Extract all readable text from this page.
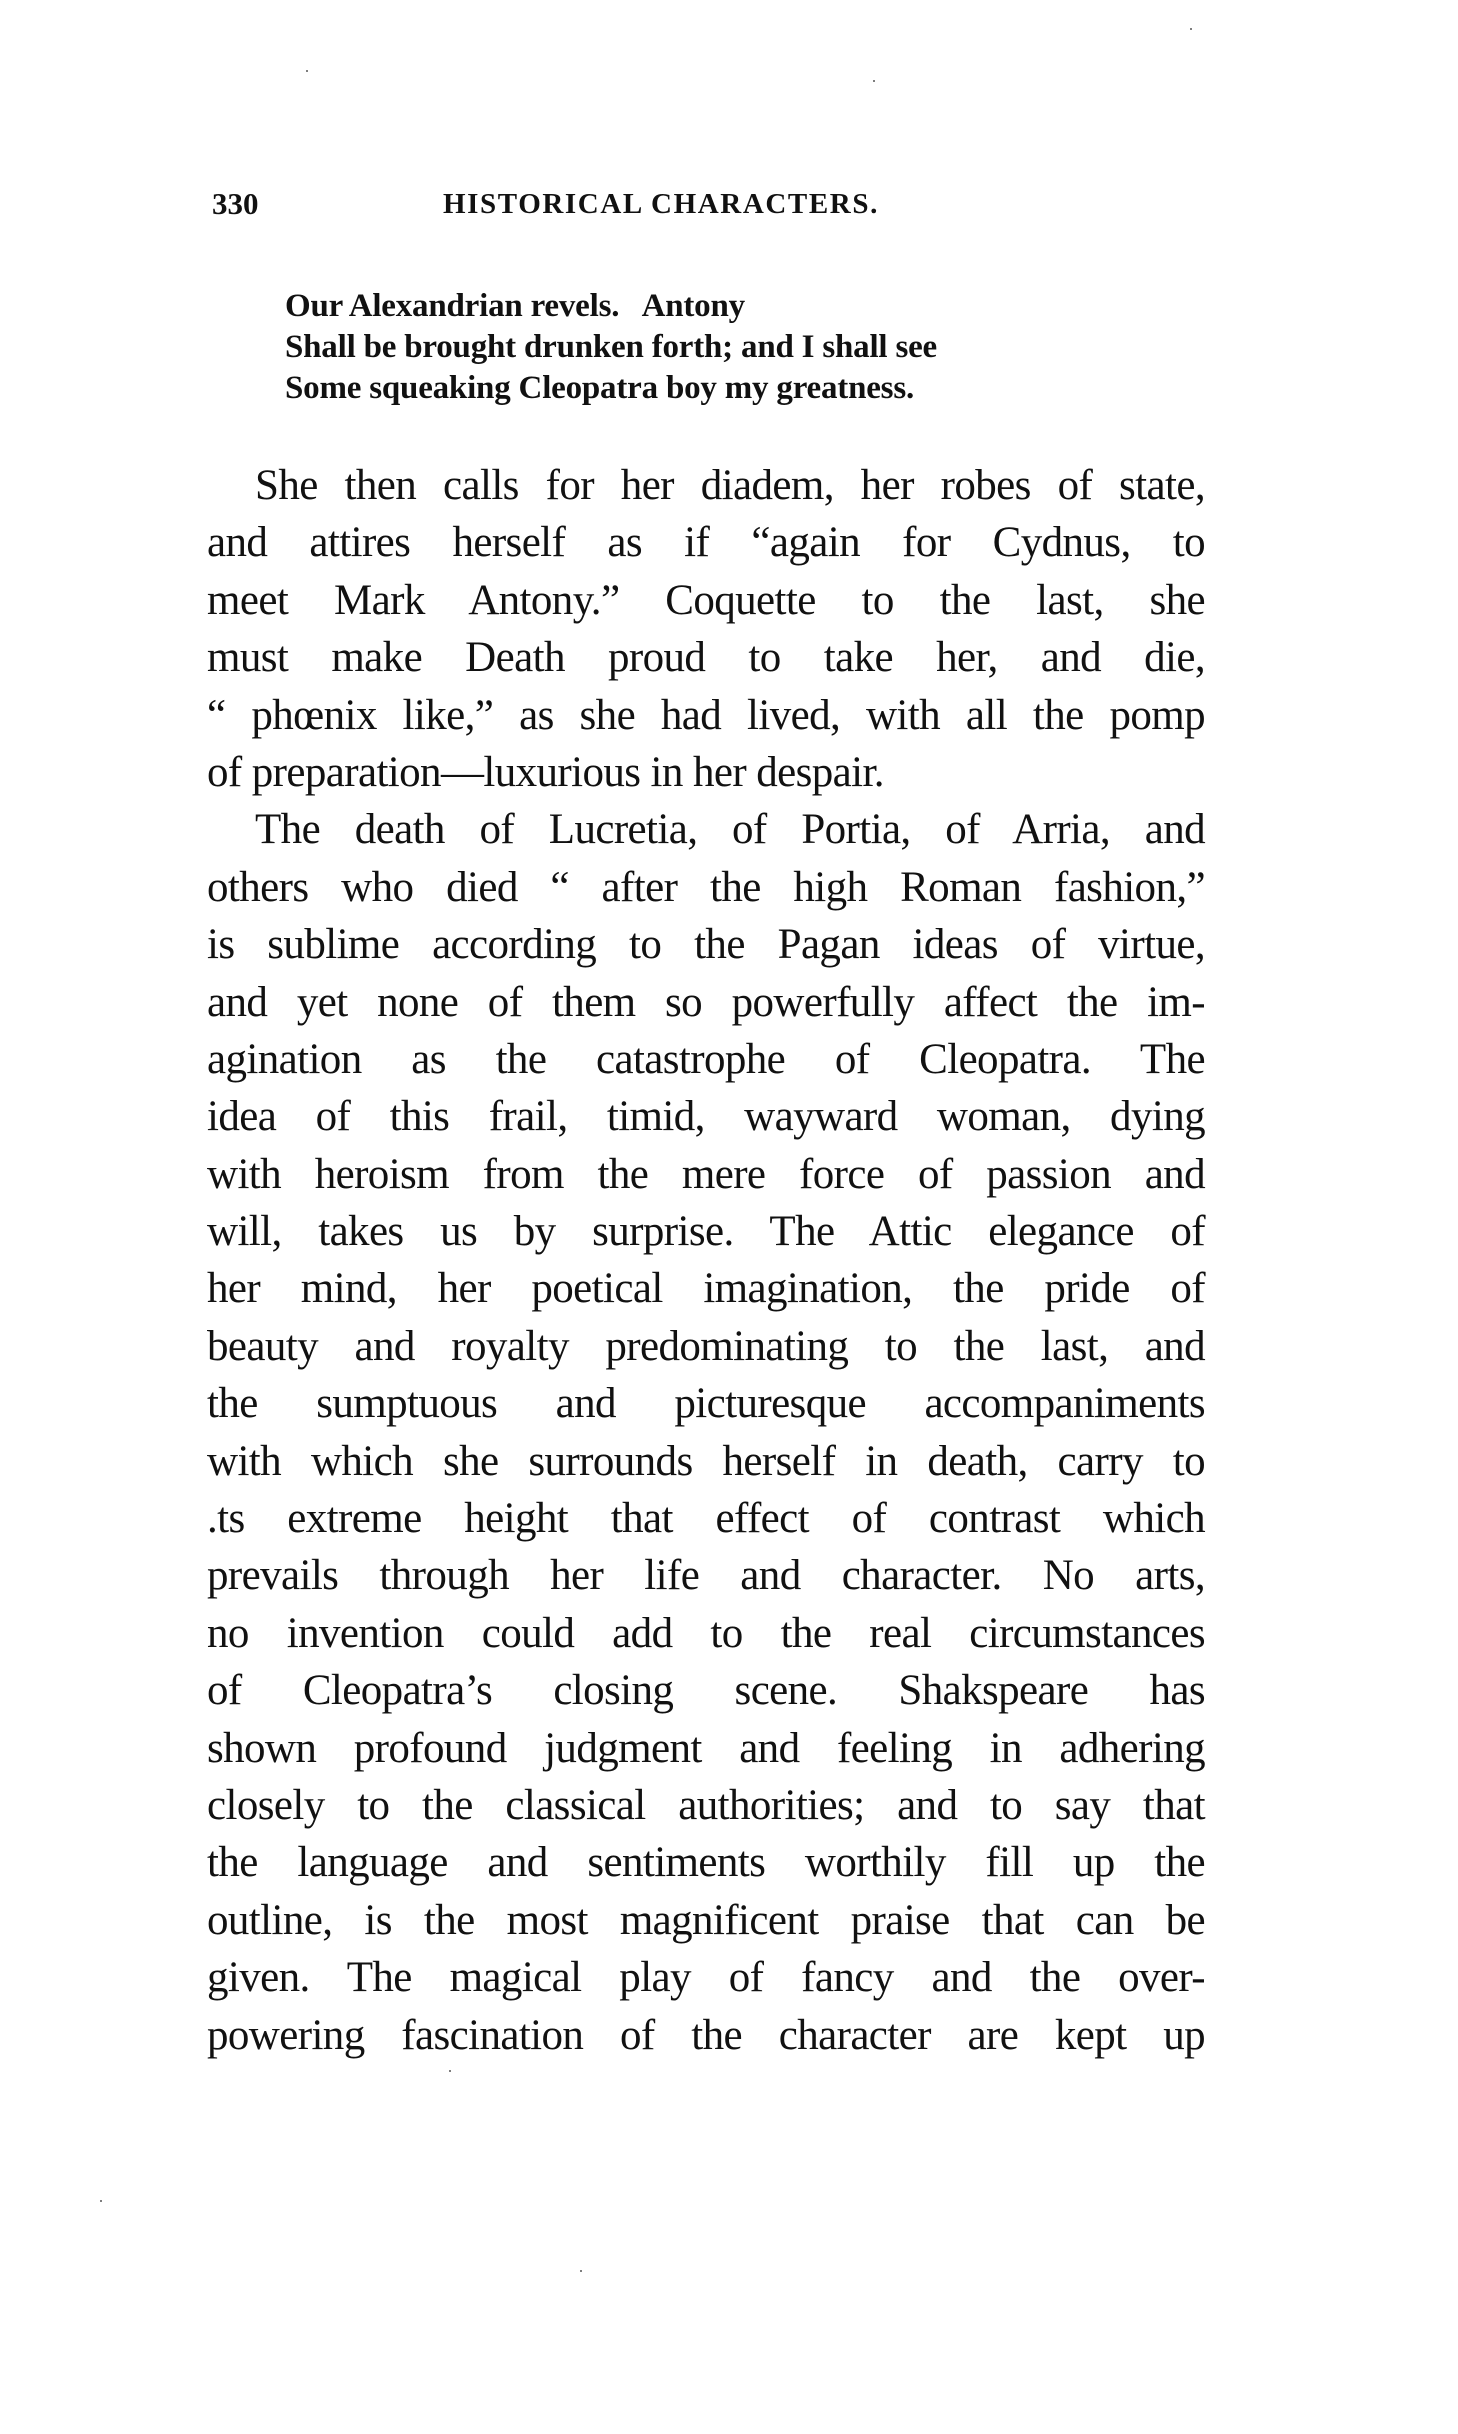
330	HISTORICAL CHARACTERS.
Our Alexandrian revels.   Antony
Shall be brought drunken forth; and I shall see
Some squeaking Cleopatra boy my greatness.
She then calls for her diadem, her robes of state,
and attires herself as if “again for Cydnus, to
meet Mark Antony.” Coquette to the last, she
must make Death proud to take her, and die,
“ phœnix like,” as she had lived, with all the pomp
of preparation—luxurious in her despair.
The death of Lucretia, of Portia, of Arria, and
others who died “ after the high Roman fashion,”
is sublime according to the Pagan ideas of virtue,
and yet none of them so powerfully affect the im-
agination as the catastrophe of Cleopatra. The
idea of this frail, timid, wayward woman, dying
with heroism from the mere force of passion and
will, takes us by surprise. The Attic elegance of
her mind, her poetical imagination, the pride of
beauty and royalty predominating to the last, and
the sumptuous and picturesque accompaniments
with which she surrounds herself in death, carry to
.ts extreme height that effect of contrast which
prevails through her life and character. No arts,
no invention could add to the real circumstances
of Cleopatra’s closing scene. Shakspeare has
shown profound judgment and feeling in adhering
closely to the classical authorities; and to say that
the language and sentiments worthily fill up the
outline, is the most magnificent praise that can be
given. The magical play of fancy and the over-
powering fascination of the character are kept up
